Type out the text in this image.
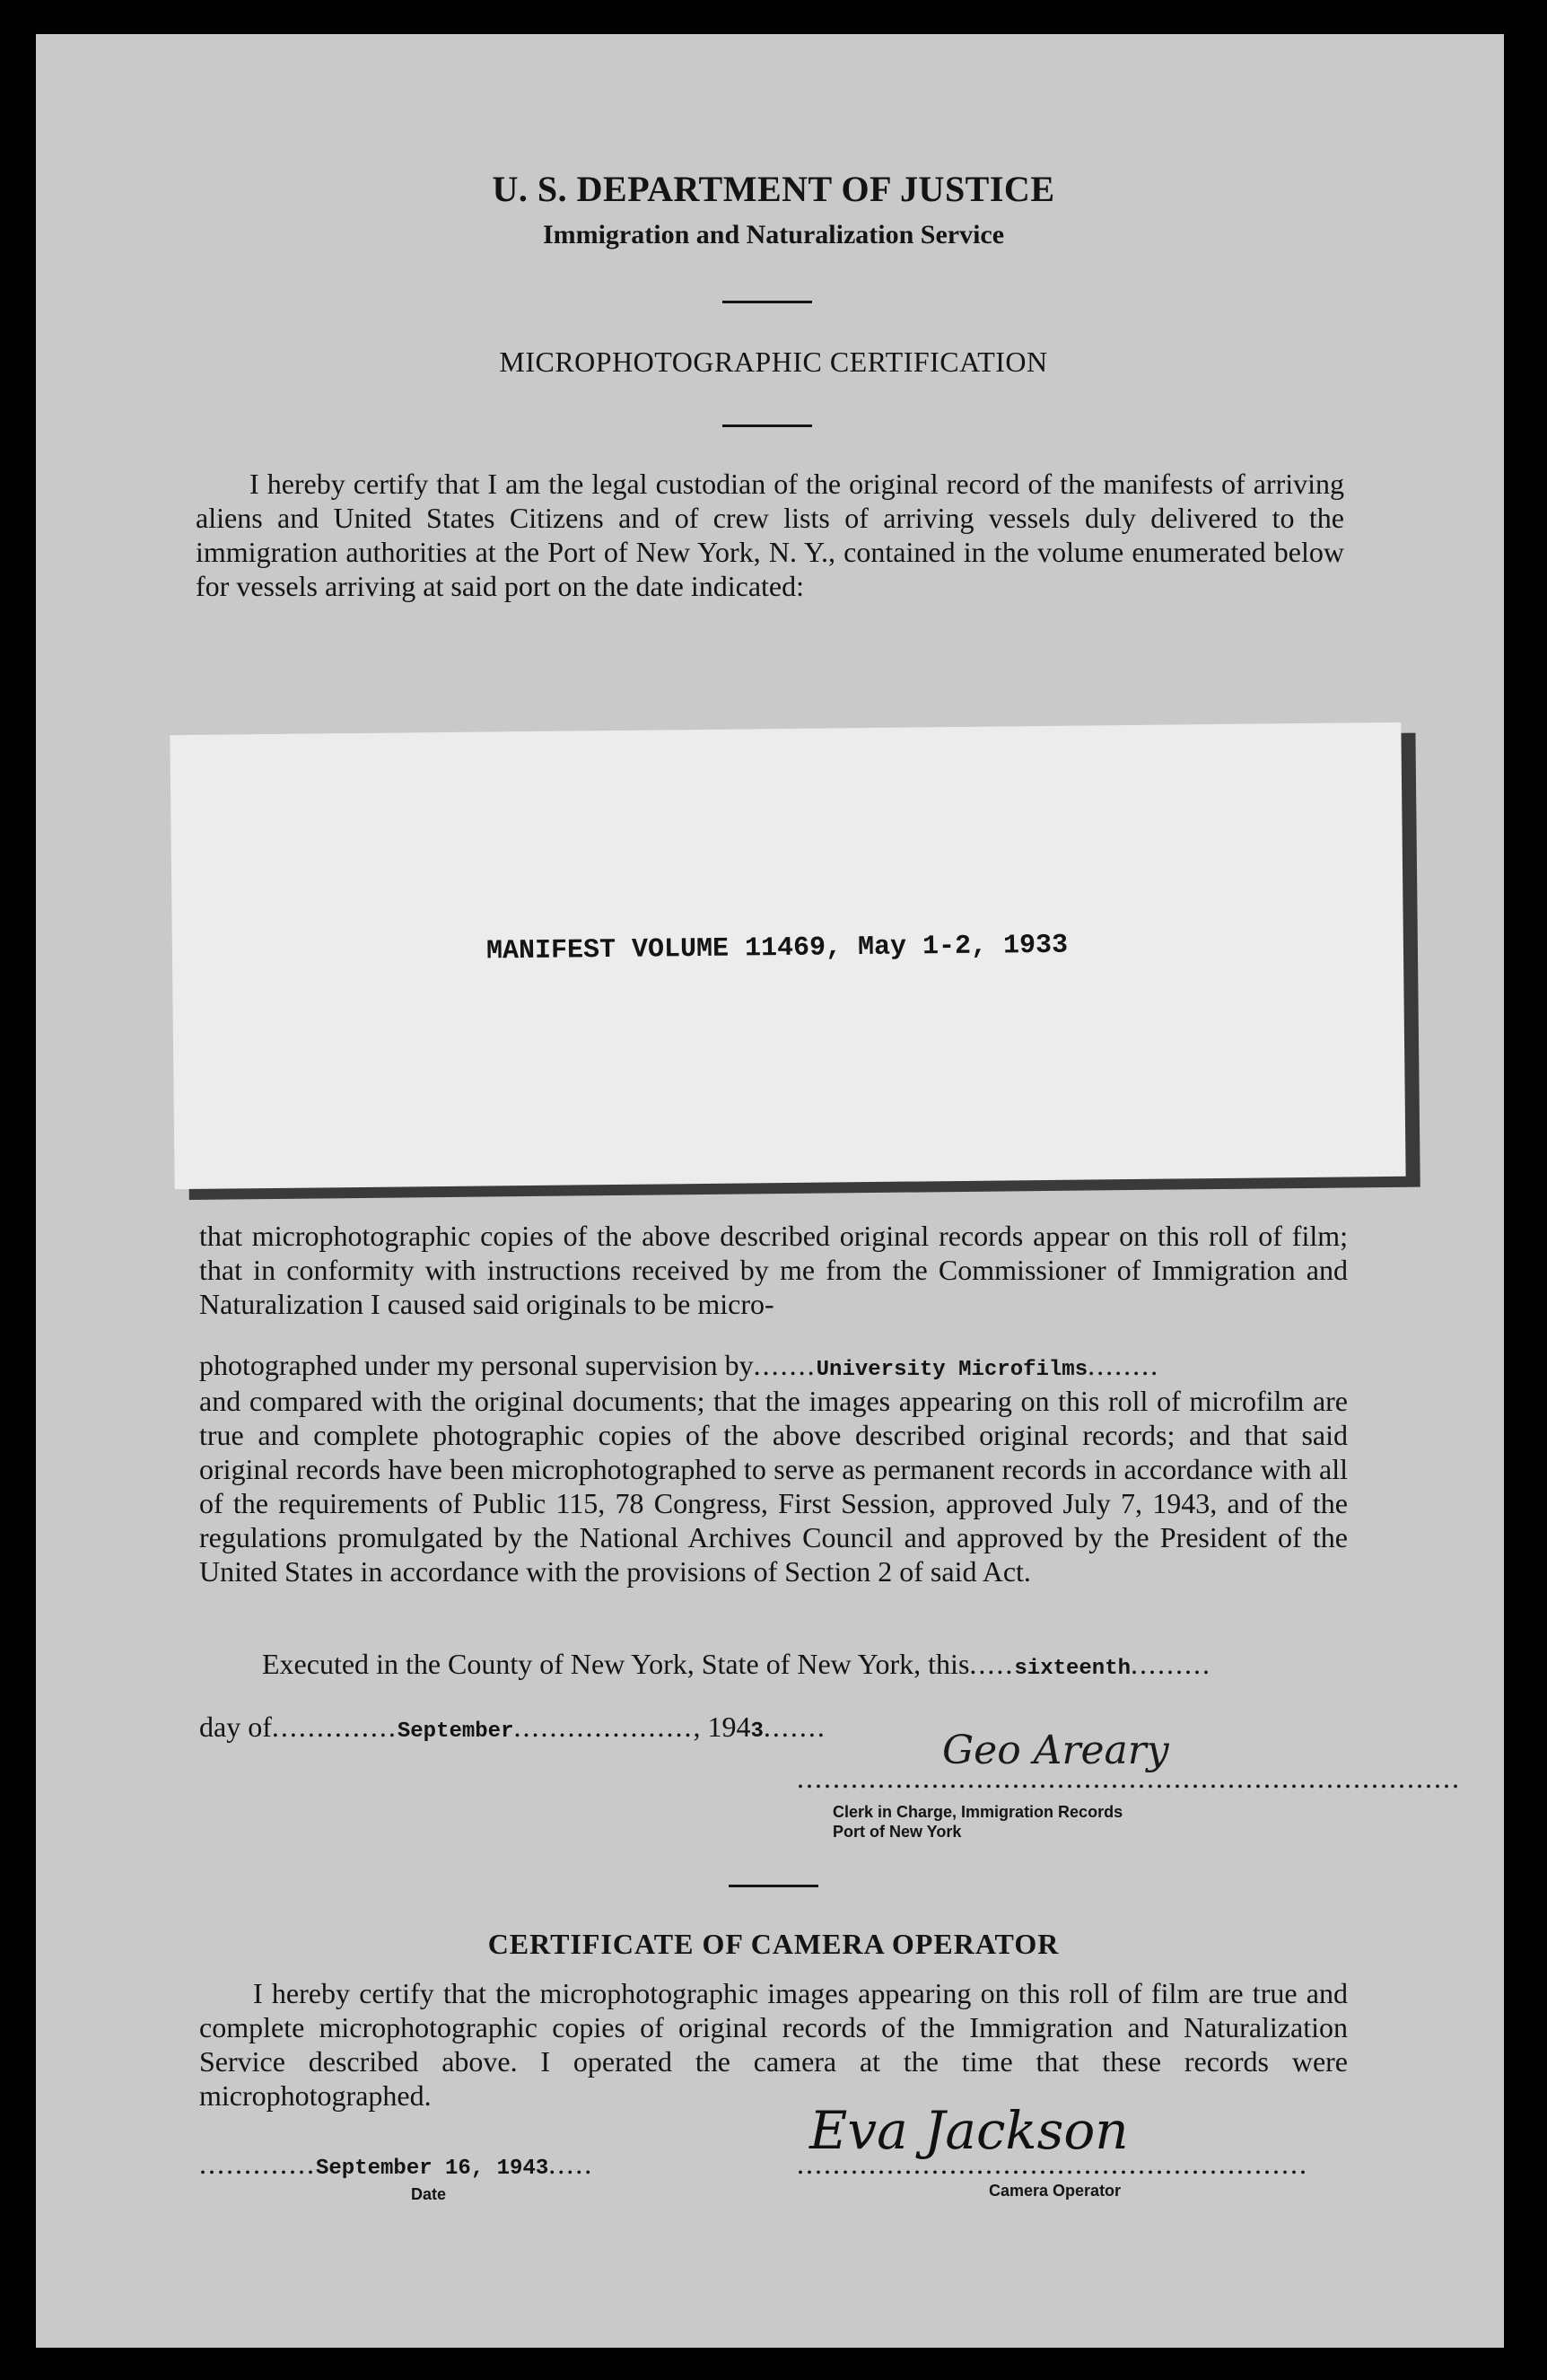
U. S. DEPARTMENT OF JUSTICE
Immigration and Naturalization Service
MICROPHOTOGRAPHIC CERTIFICATION
I hereby certify that I am the legal custodian of the original record of the manifests of arriving aliens and United States Citizens and of crew lists of arriving vessels duly delivered to the immigration authorities at the Port of New York, N. Y., contained in the volume enumerated below for vessels arriving at said port on the date indicated:
MANIFEST VOLUME 11469, May 1-2, 1933
that microphotographic copies of the above described original records appear on this roll of film; that in conformity with instructions received by me from the Commissioner of Immigration and Naturalization I caused said originals to be micro-
photographed under my personal supervision by.......University Microfilms........
and compared with the original documents; that the images appearing on this roll of microfilm are true and complete photographic copies of the above described original records; and that said original records have been microphotographed to serve as permanent records in accordance with all of the requirements of Public 115, 78 Congress, First Session, approved July 7, 1943, and of the regulations promulgated by the National Archives Council and approved by the President of the United States in accordance with the provisions of Section 2 of said Act.
Executed in the County of New York, State of New York, this.....sixteenth.........
day of..............September...................., 1943.......
..........................................................................
Geo Areary
Clerk in Charge, Immigration Records
Port of New York
CERTIFICATE OF CAMERA OPERATOR
I hereby certify that the microphotographic images appearing on this roll of film are true and complete microphotographic copies of original records of the Immigration and Naturalization Service described above. I operated the camera at the time that these records were microphotographed.
.............September 16, 1943.....
Date
.........................................................
Eva Jackson
Camera Operator
